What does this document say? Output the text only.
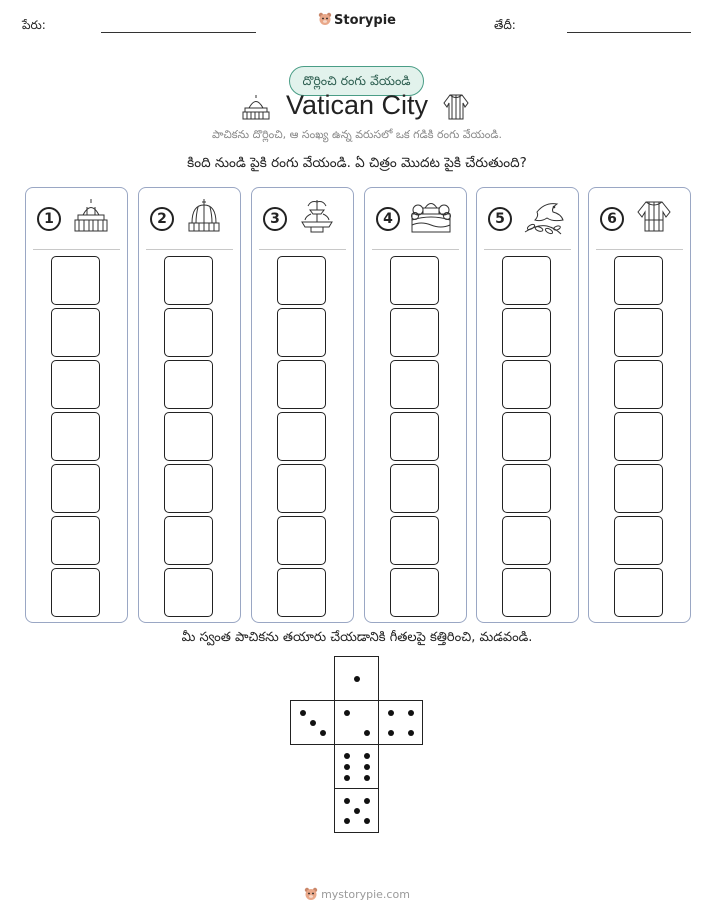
పేరు:	Storypie	తేదీ:
దొర్లించి రంగు వేయండి
Vatican City
పాచికను దొర్లించి, ఆ సంఖ్య ఉన్న వరుసలో ఒక గడికి రంగు వేయండి.
కింది నుండి పైకి రంగు వేయండి. ఏ చిత్రం మొదట పైకి చేరుతుంది?
1	2	3	4	5	6
మీ స్వంత పాచికను తయారు చేయడానికి గీతలపై కత్తిరించి, మడవండి.
mystorypie.com
